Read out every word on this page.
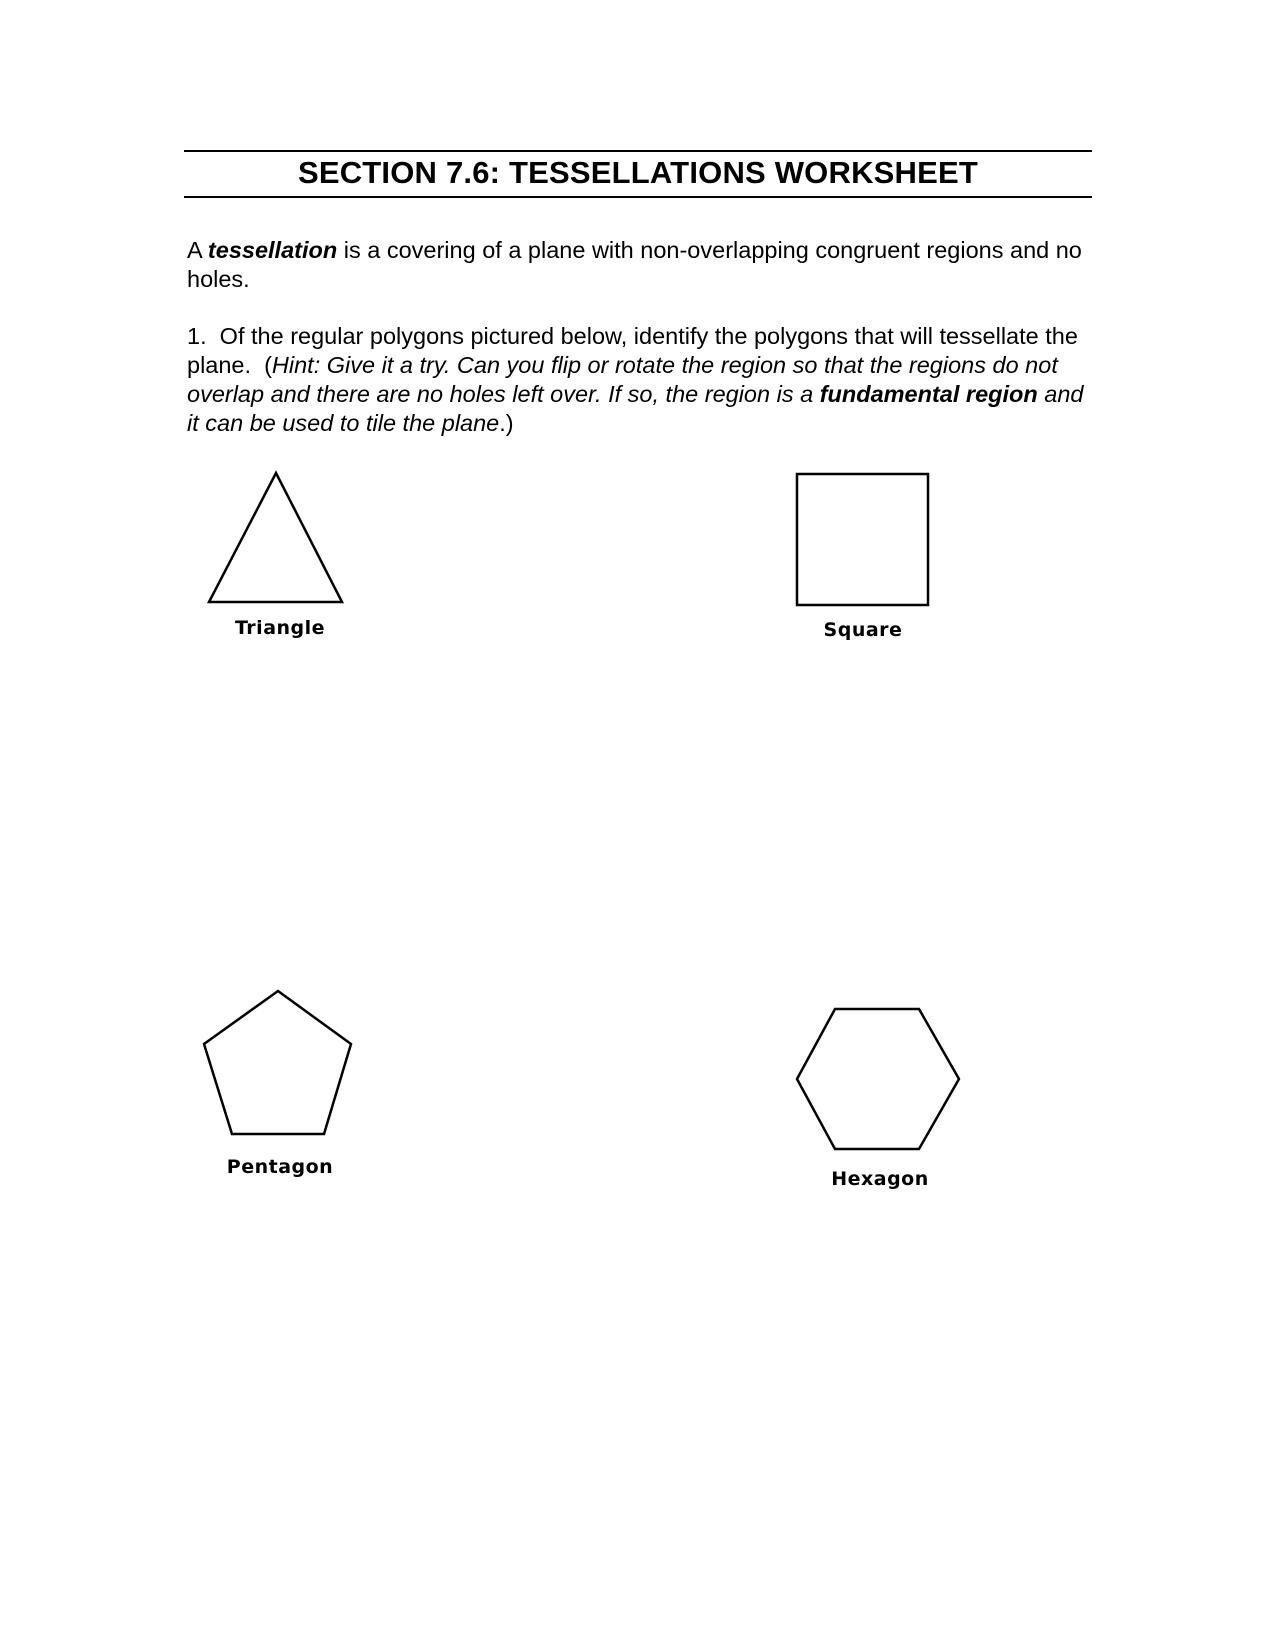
SECTION 7.6: TESSELLATIONS WORKSHEET

A tessellation is a covering of a plane with non-overlapping congruent regions and no holes.

1. Of the regular polygons pictured below, identify the polygons that will tessellate the plane. (Hint: Give it a try. Can you flip or rotate the region so that the regions do not overlap and there are no holes left over. If so, the region is a fundamental region and it can be used to tile the plane.)

Triangle	Square
Pentagon
Hexagon
